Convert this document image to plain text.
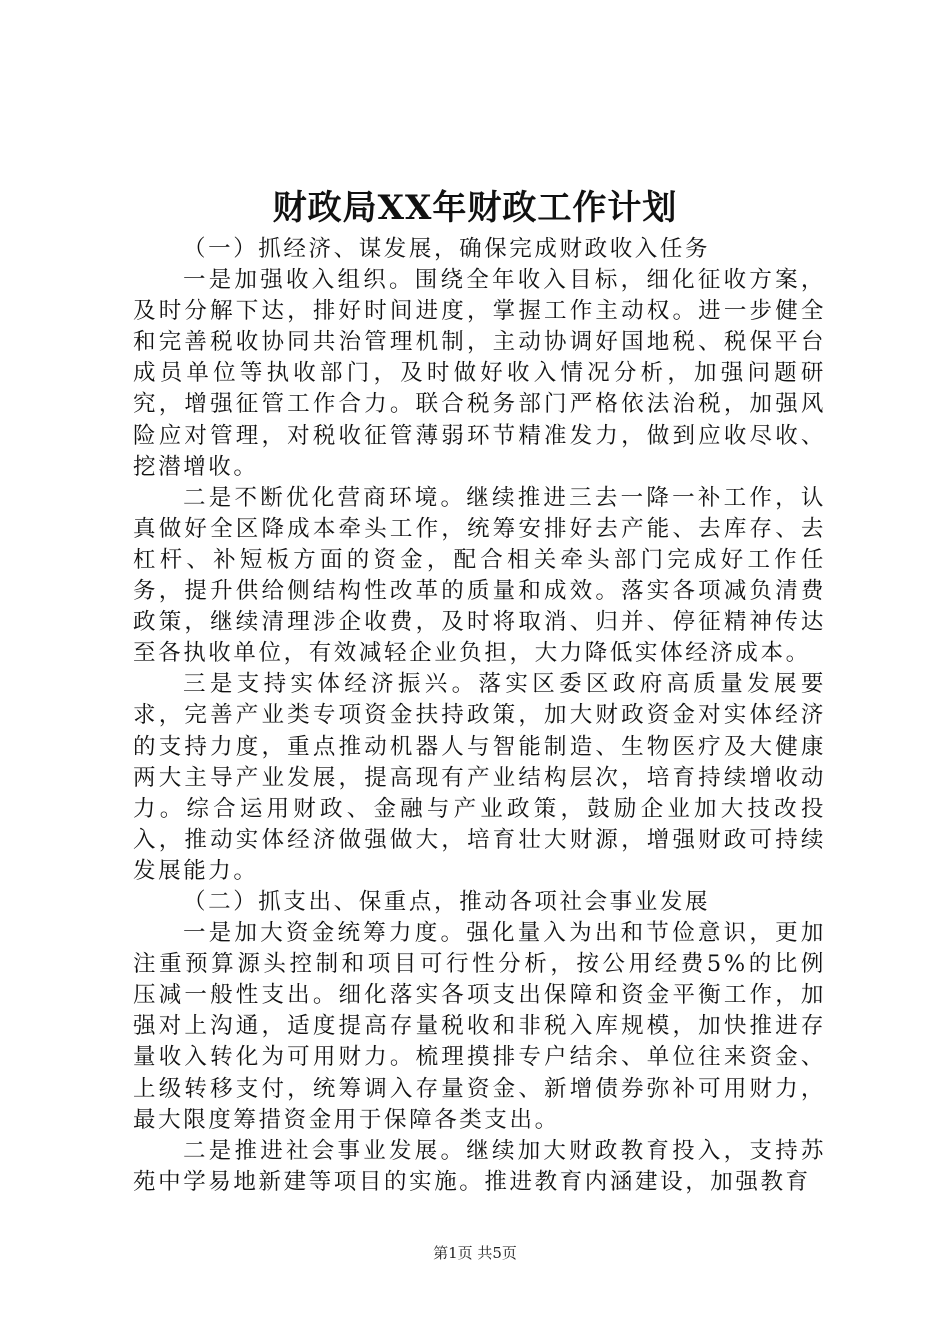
财政局XX年财政工作计划

（一）抓经济、谋发展，确保完成财政收入任务

一是加强收入组织。围绕全年收入目标，细化征收方案，及时分解下达，排好时间进度，掌握工作主动权。进一步健全和完善税收协同共治管理机制，主动协调好国地税、税保平台成员单位等执收部门，及时做好收入情况分析，加强问题研究，增强征管工作合力。联合税务部门严格依法治税，加强风险应对管理，对税收征管薄弱环节精准发力，做到应收尽收、挖潜增收。

二是不断优化营商环境。继续推进三去一降一补工作，认真做好全区降成本牵头工作，统筹安排好去产能、去库存、去杠杆、补短板方面的资金，配合相关牵头部门完成好工作任务，提升供给侧结构性改革的质量和成效。落实各项减负清费政策，继续清理涉企收费，及时将取消、归并、停征精神传达至各执收单位，有效减轻企业负担，大力降低实体经济成本。

三是支持实体经济振兴。落实区委区政府高质量发展要求，完善产业类专项资金扶持政策，加大财政资金对实体经济的支持力度，重点推动机器人与智能制造、生物医疗及大健康两大主导产业发展，提高现有产业结构层次，培育持续增收动力。综合运用财政、金融与产业政策，鼓励企业加大技改投入，推动实体经济做强做大，培育壮大财源，增强财政可持续发展能力。

（二）抓支出、保重点，推动各项社会事业发展

一是加大资金统筹力度。强化量入为出和节俭意识，更加注重预算源头控制和项目可行性分析，按公用经费5%的比例压减一般性支出。细化落实各项支出保障和资金平衡工作，加强对上沟通，适度提高存量税收和非税入库规模，加快推进存量收入转化为可用财力。梳理摸排专户结余、单位往来资金、上级转移支付，统筹调入存量资金、新增债券弥补可用财力，最大限度筹措资金用于保障各类支出。

二是推进社会事业发展。继续加大财政教育投入，支持苏苑中学易地新建等项目的实施。推进教育内涵建设，加强教育

第1页 共5页
